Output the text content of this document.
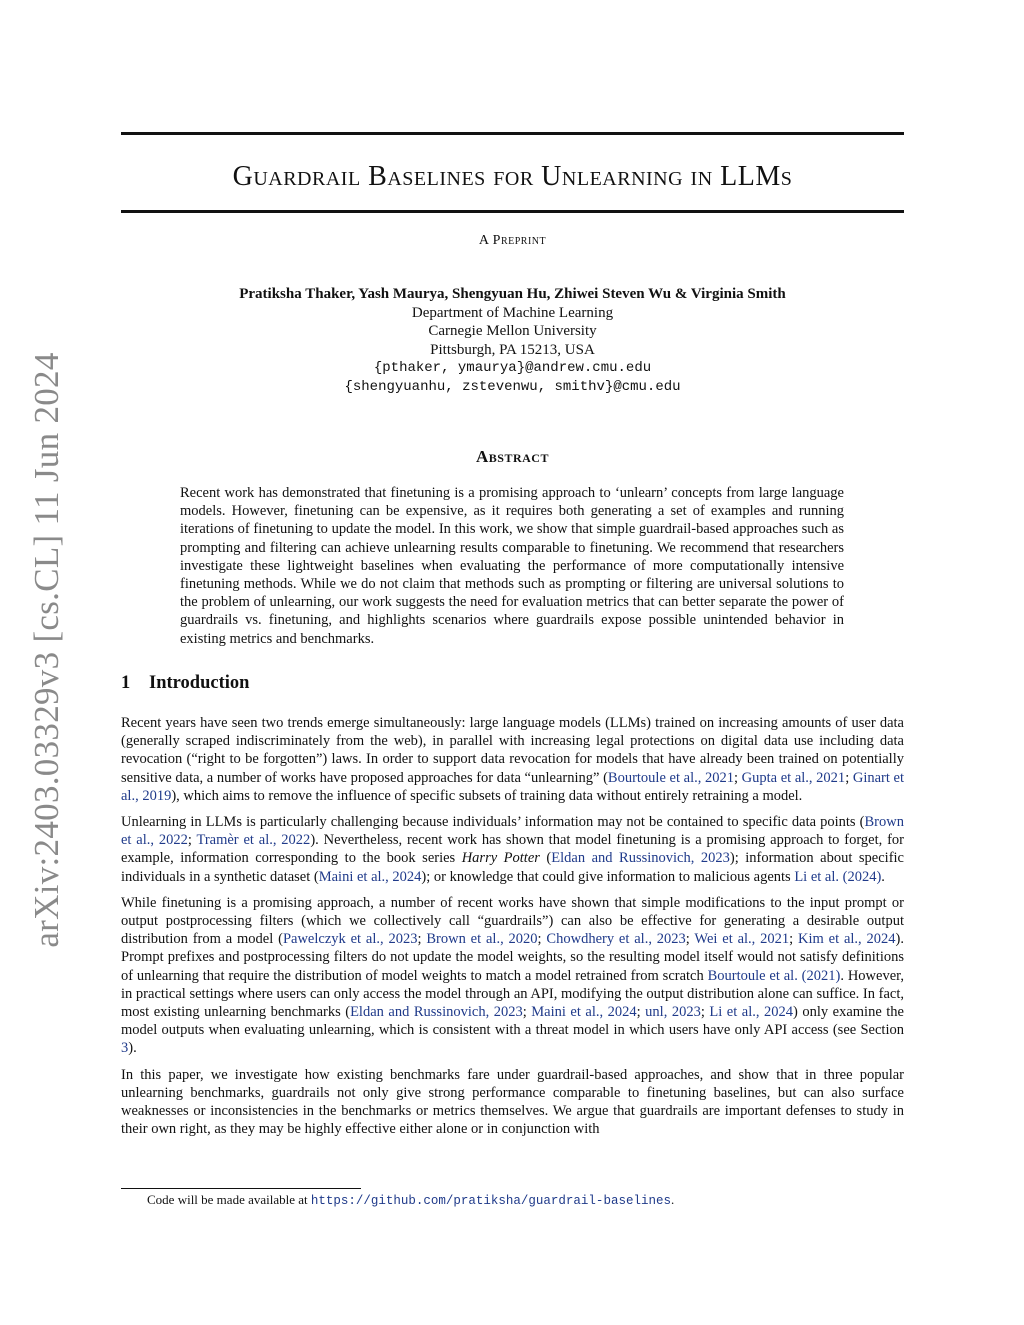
Guardrail Baselines for Unlearning in LLMs
A Preprint
Pratiksha Thaker, Yash Maurya, Shengyuan Hu, Zhiwei Steven Wu & Virginia Smith
Department of Machine Learning
Carnegie Mellon University
Pittsburgh, PA 15213, USA
{pthaker, ymaurya}@andrew.cmu.edu
{shengyuanhu, zstevenwu, smithv}@cmu.edu
arXiv:2403.03329v3 [cs.CL] 11 Jun 2024	Abstract
Recent work has demonstrated that finetuning is a promising approach to ‘unlearn’ concepts from large language models. However, finetuning can be expensive, as it requires both generating a set of examples and running iterations of finetuning to update the model. In this work, we show that simple guardrail-based approaches such as prompting and filtering can achieve unlearning results comparable to finetuning. We recommend that researchers investigate these lightweight baselines when evaluating the performance of more computationally intensive finetuning methods. While we do not claim that methods such as prompting or filtering are universal solutions to the problem of unlearning, our work suggests the need for evaluation metrics that can better separate the power of guardrails vs. finetuning, and highlights scenarios where guardrails expose possible unintended behavior in existing metrics and benchmarks.
1 Introduction

Recent years have seen two trends emerge simultaneously: large language models (LLMs) trained on increasing amounts of user data (generally scraped indiscriminately from the web), in parallel with increasing legal protections on digital data use including data revocation (“right to be forgotten”) laws. In order to support data revocation for models that have already been trained on potentially sensitive data, a number of works have proposed approaches for data “unlearning” (Bourtoule et al., 2021; Gupta et al., 2021; Ginart et al., 2019), which aims to remove the influence of specific subsets of training data without entirely retraining a model.

Unlearning in LLMs is particularly challenging because individuals’ information may not be contained to specific data points (Brown et al., 2022; Tramèr et al., 2022). Nevertheless, recent work has shown that model finetuning is a promising approach to forget, for example, information corresponding to the book series Harry Potter (Eldan and Russinovich, 2023); information about specific individuals in a synthetic dataset (Maini et al., 2024); or knowledge that could give information to malicious agents Li et al. (2024).

While finetuning is a promising approach, a number of recent works have shown that simple modifications to the input prompt or output postprocessing filters (which we collectively call “guardrails”) can also be effective for generating a desirable output distribution from a model (Pawelczyk et al., 2023; Brown et al., 2020; Chowdhery et al., 2023; Wei et al., 2021; Kim et al., 2024). Prompt prefixes and postprocessing filters do not update the model weights, so the resulting model itself would not satisfy definitions of unlearning that require the distribution of model weights to match a model retrained from scratch Bourtoule et al. (2021). However, in practical settings where users can only access the model through an API, modifying the output distribution alone can suffice. In fact, most existing unlearning benchmarks (Eldan and Russinovich, 2023; Maini et al., 2024; unl, 2023; Li et al., 2024) only examine the model outputs when evaluating unlearning, which is consistent with a threat model in which users have only API access (see Section 3).

In this paper, we investigate how existing benchmarks fare under guardrail-based approaches, and show that in three popular unlearning benchmarks, guardrails not only give strong performance comparable to finetuning baselines, but can also surface weaknesses or inconsistencies in the benchmarks or metrics themselves. We argue that guardrails are important defenses to study in their own right, as they may be highly effective either alone or in conjunction with

Code will be made available at https://github.com/pratiksha/guardrail-baselines.
